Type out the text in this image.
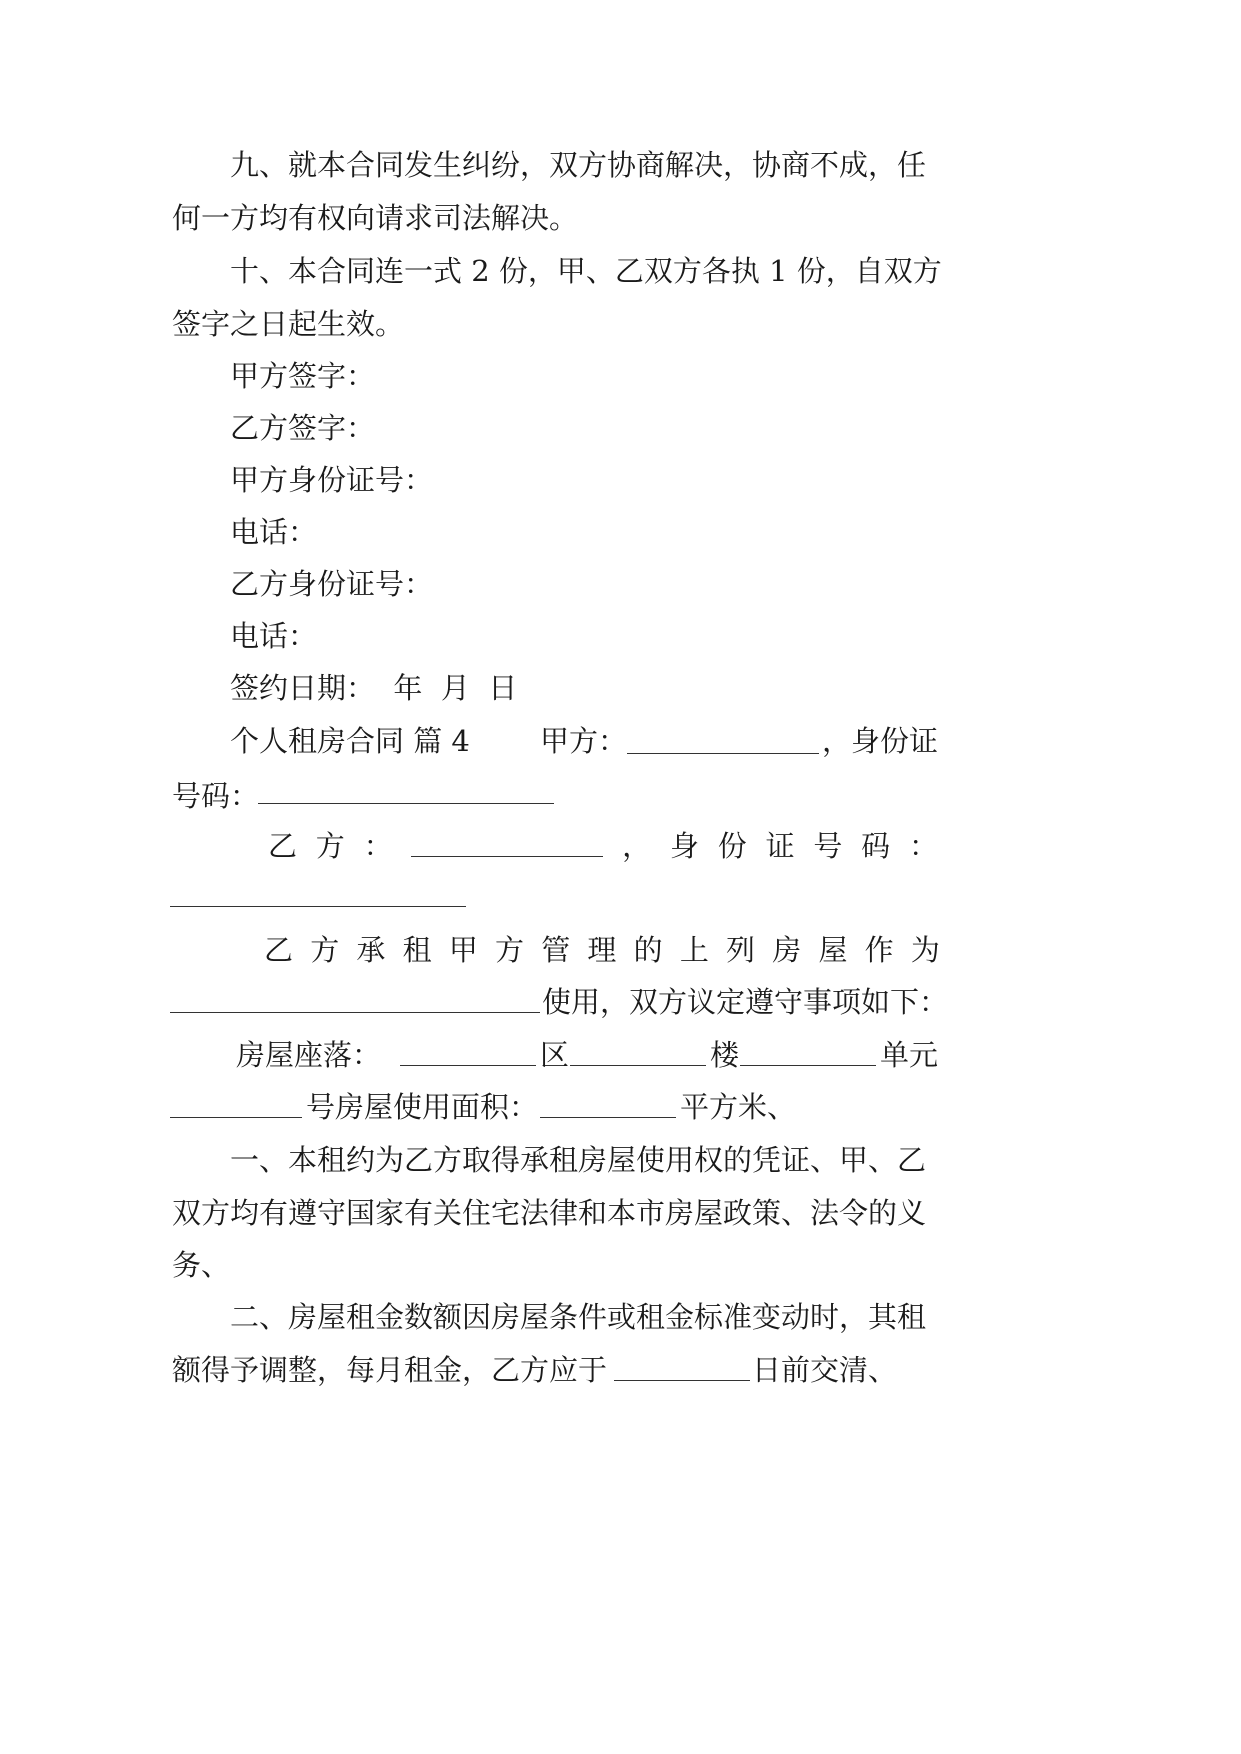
九、就本合同发生纠纷，双方协商解决，协商不成，任
何一方均有权向请求司法解决。
十、本合同连一式 2 份，甲、乙双方各执 1 份，自双方
签字之日起生效。
甲方签字：
乙方签字：
甲方身份证号：
电话：
乙方身份证号：
电话：
签约日期：  年  月  日
个人租房合同 篇 4 甲方：	，身份证
号码：
乙 方 ：	， 身 份 证 号 码 ：
乙 方 承 租 甲 方 管 理 的 上 列 房 屋 作 为
使用，双方议定遵守事项如下：
房屋座落：	区	楼	单元
号房屋使用面积：	平方米、
一、本租约为乙方取得承租房屋使用权的凭证、甲、乙
双方均有遵守国家有关住宅法律和本市房屋政策、法令的义
务、
二、房屋租金数额因房屋条件或租金标准变动时，其租
额得予调整，每月租金，乙方应于	日前交清、
